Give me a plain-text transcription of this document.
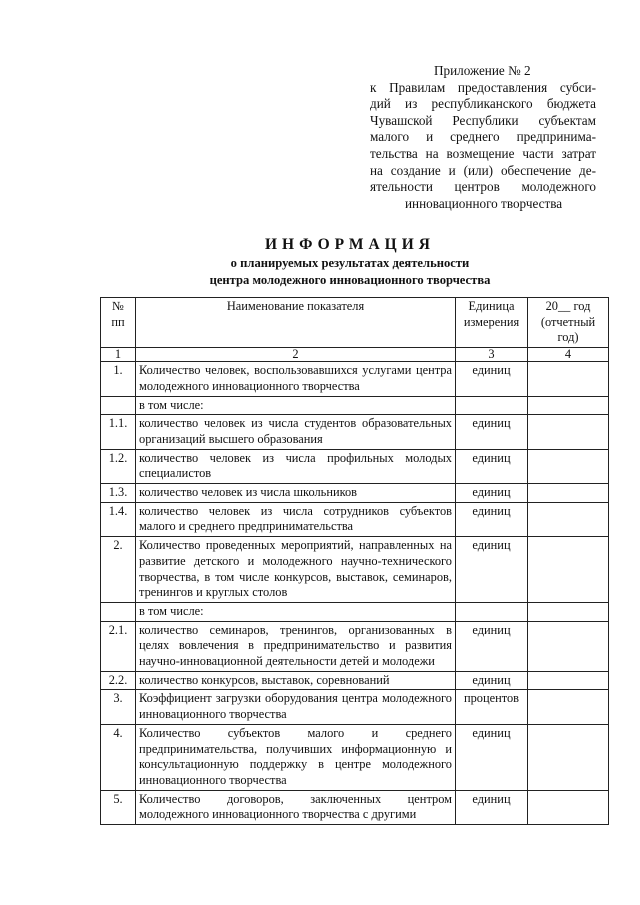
Приложение № 2
к Правилам предоставления субси-
дий из республиканского бюджета
Чувашской Республики субъектам
малого и среднего предпринима-
тельства на возмещение части затрат
на создание и (или) обеспечение де-
ятельности центров молодежного
инновационного творчества
ИНФОРМАЦИЯ
о планируемых результатах деятельности
центра молодежного инновационного творчества
№ пп	Наименование показателя	Единица измерения	20__ год (отчетный год)
1	2	3	4
1.	Количество человек, воспользовавшихся услугами центра молодежного инновационного творчества	единиц	
	в том числе:		
1.1.	количество человек из числа студентов образовательных организаций высшего образования	единиц	
1.2.	количество человек из числа профильных молодых специалистов	единиц	
1.3.	количество человек из числа школьников	единиц	
1.4.	количество человек из числа сотрудников субъектов малого и среднего предпринимательства	единиц	
2.	Количество проведенных мероприятий, направленных на развитие детского и молодежного научно-технического творчества, в том числе конкурсов, выставок, семинаров, тренингов и круглых столов	единиц	
	в том числе:		
2.1.	количество семинаров, тренингов, организованных в целях вовлечения в предпринимательство и развития научно-инновационной деятельности детей и молодежи	единиц	
2.2.	количество конкурсов, выставок, соревнований	единиц	
3.	Коэффициент загрузки оборудования центра молодежного инновационного творчества	процентов	
4.	Количество субъектов малого и среднего предпринимательства, получивших информационную и консультационную поддержку в центре молодежного инновационного творчества	единиц	
5.	Количество договоров, заключенных центром молодежного инновационного творчества с другими	единиц	
